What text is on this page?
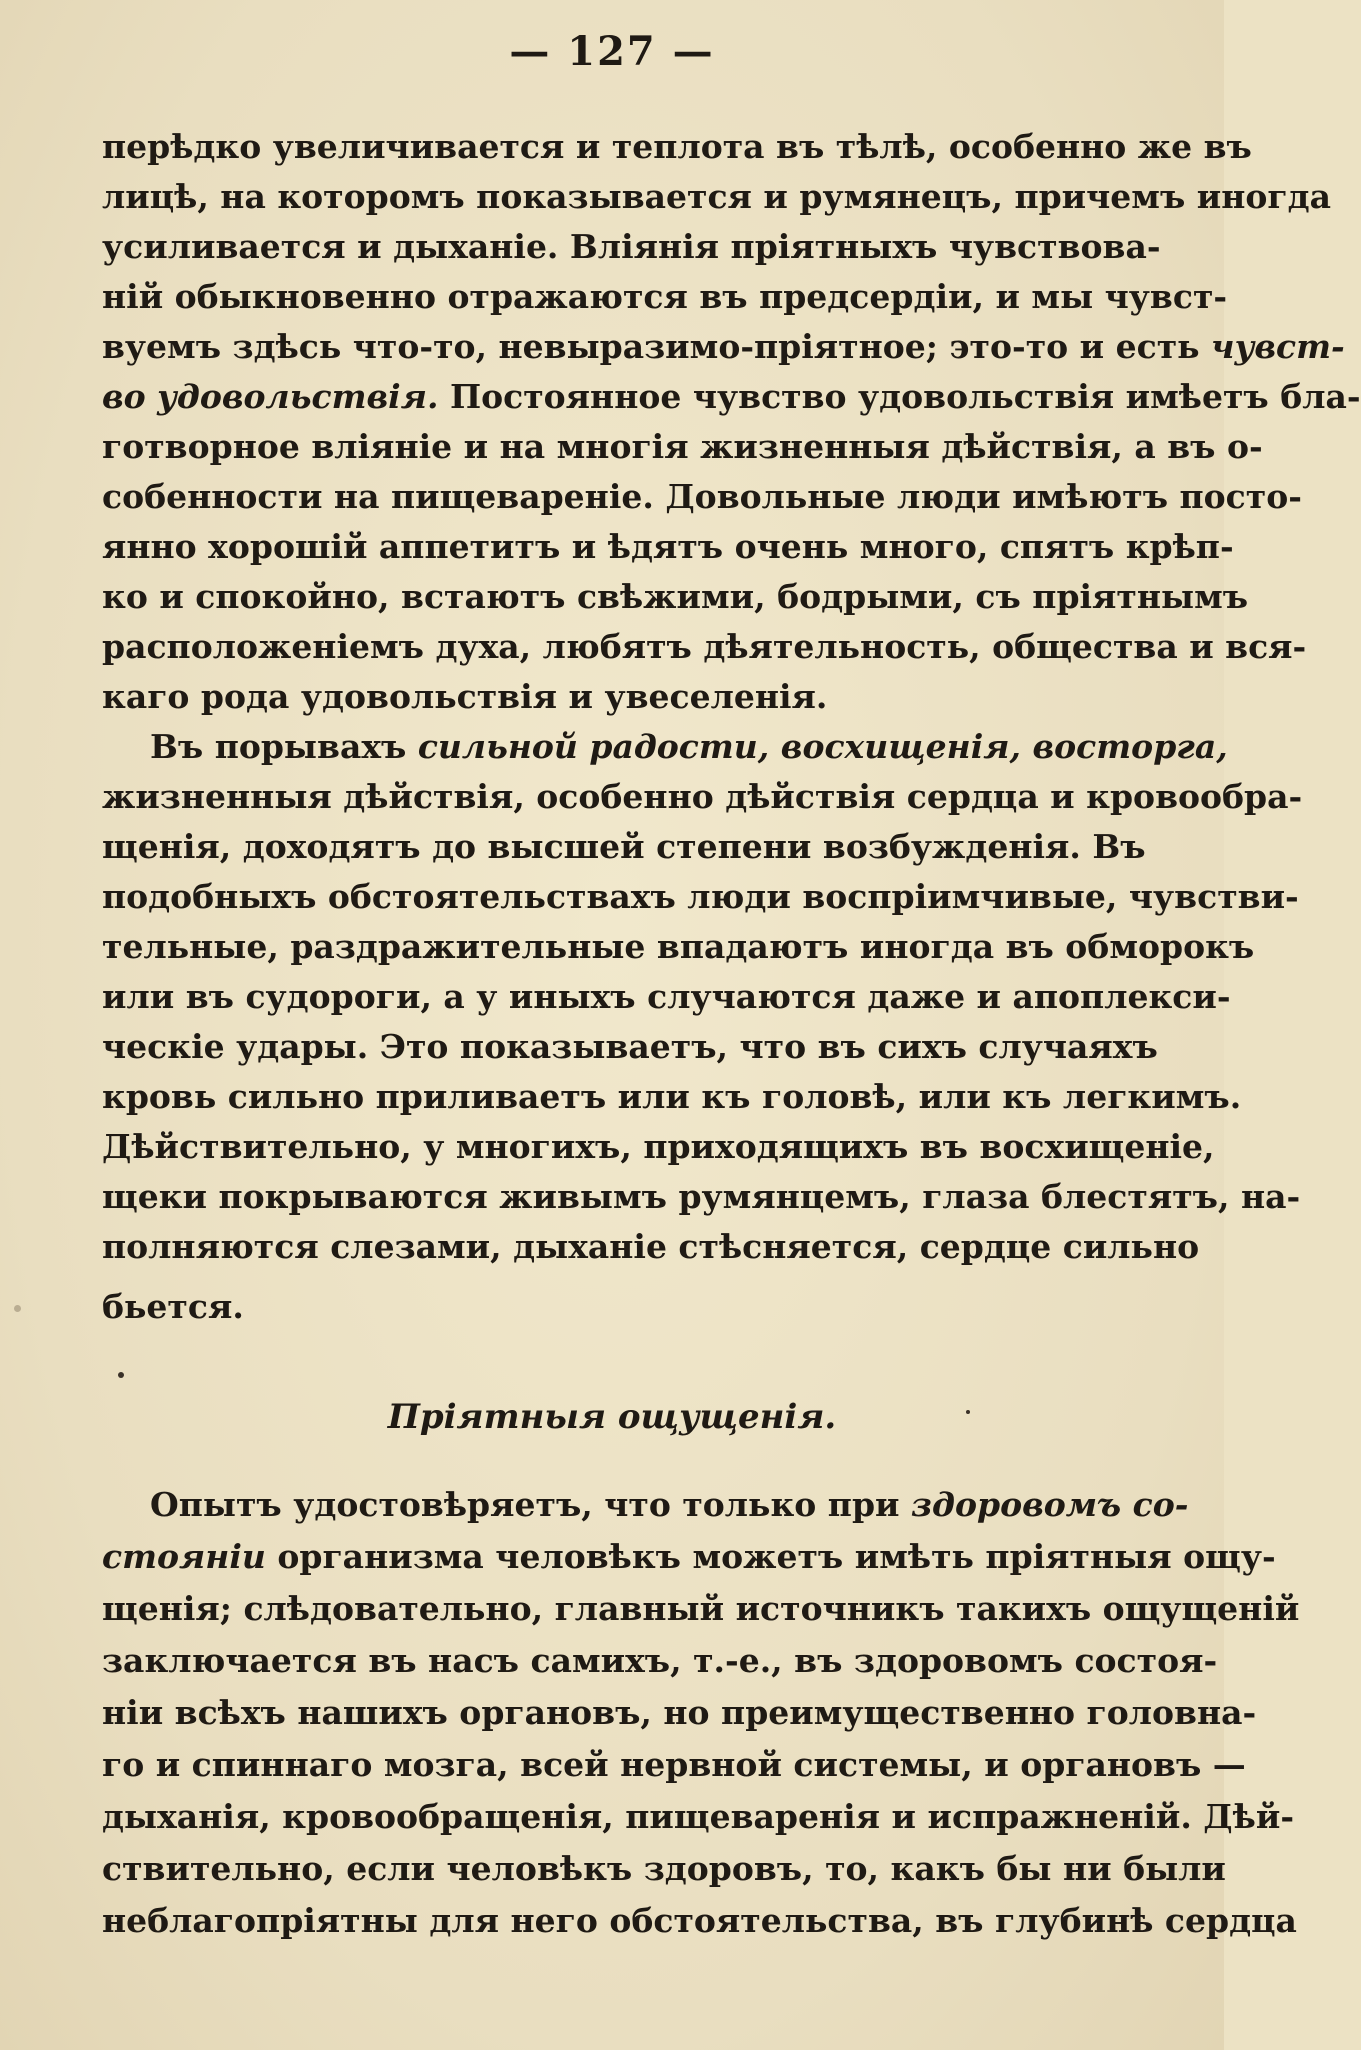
— 127 —
перѣдко увеличивается и теплота въ тѣлѣ, особенно же въ
лицѣ, на которомъ показывается и румянецъ, причемъ иногда
усиливается и дыханіе. Вліянія пріятныхъ чувствова-
ній обыкновенно отражаются въ предсердіи, и мы чувст-
вуемъ здѣсь что-то, невыразимо-пріятное; это-то и есть чувст-
во удовольствія. Постоянное чувство удовольствія имѣетъ бла-
готворное вліяніе и на многія жизненныя дѣйствія, а въ о-
собенности на пищевареніе. Довольные люди имѣютъ посто-
янно хорошій аппетитъ и ѣдятъ очень много, спятъ крѣп-
ко и спокойно, встаютъ свѣжими, бодрыми, съ пріятнымъ
расположеніемъ духа, любятъ дѣятельность, общества и вся-
каго рода удовольствія и увеселенія.
Въ порывахъ сильной радости, восхищенія, восторга,
жизненныя дѣйствія, особенно дѣйствія сердца и кровообра-
щенія, доходятъ до высшей степени возбужденія. Въ
подобныхъ обстоятельствахъ люди воспріимчивые, чувстви-
тельные, раздражительные впадаютъ иногда въ обморокъ
или въ судороги, а у иныхъ случаются даже и апоплекси-
ческіе удары. Это показываетъ, что въ сихъ случаяхъ
кровь сильно приливаетъ или къ головѣ, или къ легкимъ.
Дѣйствительно, у многихъ, приходящихъ въ восхищеніе,
щеки покрываются живымъ румянцемъ, глаза блестятъ, на-
полняются слезами, дыханіе стѣсняется, сердце сильно
бьется.
Пріятныя ощущенія.
Опытъ удостовѣряетъ, что только при здоровомъ со-
стояніи организма человѣкъ можетъ имѣть пріятныя ощу-
щенія; слѣдовательно, главный источникъ такихъ ощущеній
заключается въ насъ самихъ, т.-е., въ здоровомъ состоя-
ніи всѣхъ нашихъ органовъ, но преимущественно головна-
го и спиннаго мозга, всей нервной системы, и органовъ —
дыханія, кровообращенія, пищеваренія и испражненій. Дѣй-
ствительно, если человѣкъ здоровъ, то, какъ бы ни были
неблагопріятны для него обстоятельства, въ глубинѣ сердца
